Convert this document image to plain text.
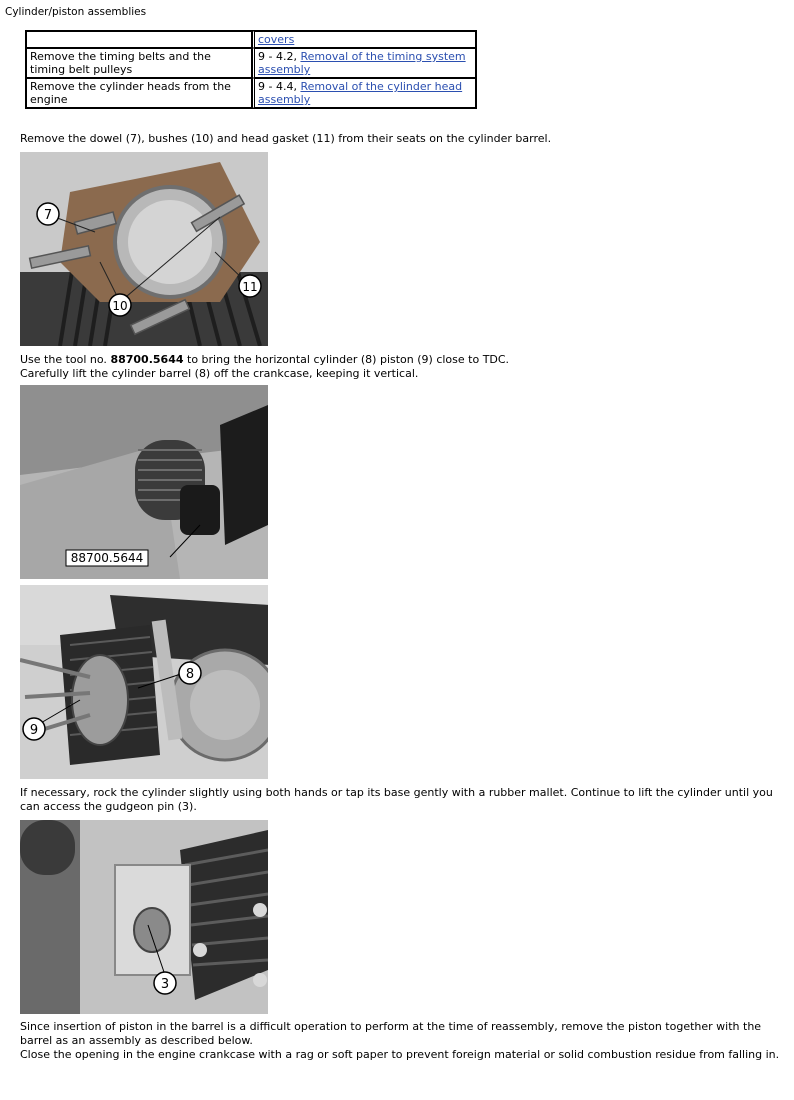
Cylinder/piston assemblies
	covers
Remove the timing belts and the timing belt pulleys	9 - 4.2, Removal of the timing system assembly
Remove the cylinder heads from the engine	9 - 4.4, Removal of the cylinder head assembly
Remove the dowel (7), bushes (10) and head gasket (11) from their seats on the cylinder barrel.
7
10
11
Use the tool no. 88700.5644 to bring the horizontal cylinder (8) piston (9) close to TDC.
Carefully lift the cylinder barrel (8) off the crankcase, keeping it vertical.
88700.5644
8
9
If necessary, rock the cylinder slightly using both hands or tap its base gently with a rubber mallet. Continue to lift the cylinder until you can access the gudgeon pin (3).
3
Since insertion of piston in the barrel is a difficult operation to perform at the time of reassembly, remove the piston together with the barrel as an assembly as described below.
Close the opening in the engine crankcase with a rag or soft paper to prevent foreign material or solid combustion residue from falling in.
